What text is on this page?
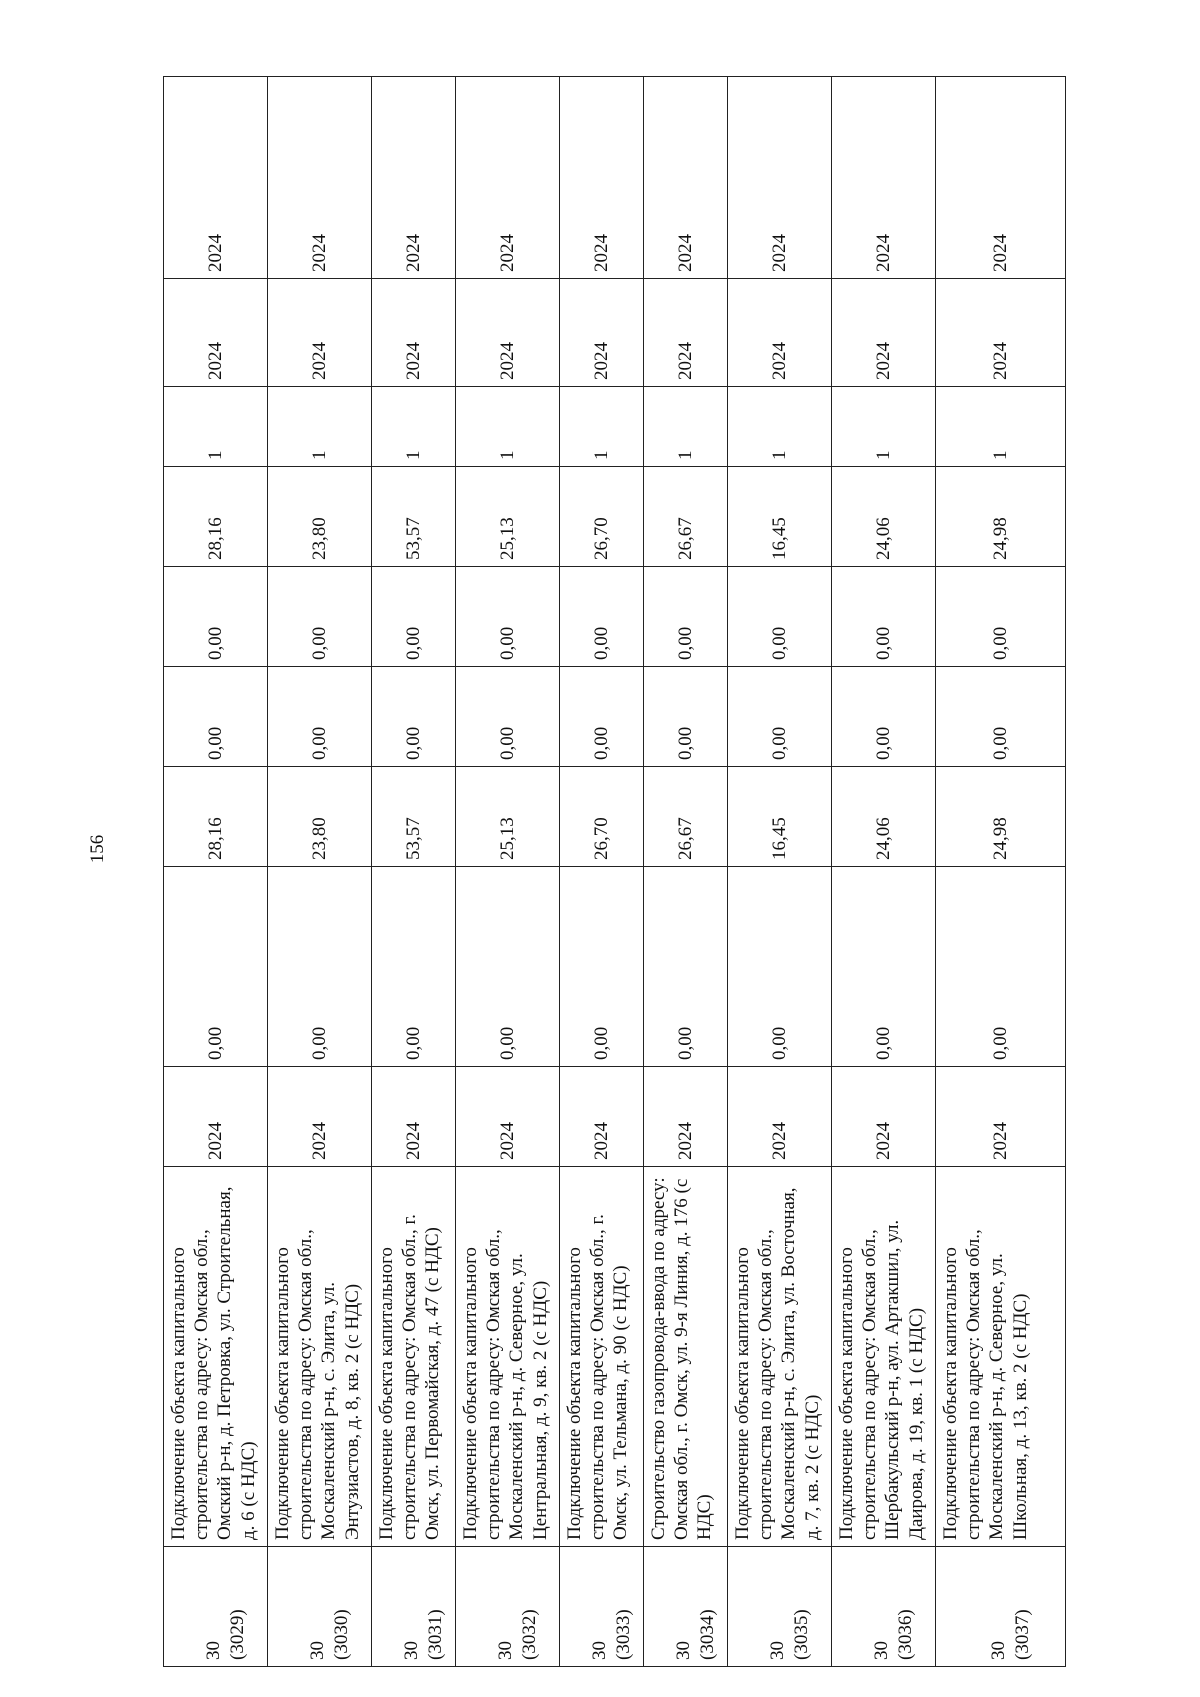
156
30 (3029)	Подключение объекта капитального строительства по адресу: Омская обл., Омский р-н, д. Петровка, ул. Строительная, д. 6 (с НДС)	2024	0,00	28,16	0,00	0,00	28,16	1	2024	2024

30 (3030)	Подключение объекта капитального строительства по адресу: Омская обл., Москаленский р-н, с. Элита, ул. Энтузиастов, д. 8, кв. 2 (с НДС)	2024	0,00	23,80	0,00	0,00	23,80	1	2024	2024

30 (3031)	Подключение объекта капитального строительства по адресу: Омская обл., г. Омск, ул. Первомайская, д. 47 (с НДС)	2024	0,00	53,57	0,00	0,00	53,57	1	2024	2024

30 (3032)	Подключение объекта капитального строительства по адресу: Омская обл., Москаленский р-н, д. Северное, ул. Центральная, д. 9, кв. 2 (с НДС)	2024	0,00	25,13	0,00	0,00	25,13	1	2024	2024

30 (3033)	Подключение объекта капитального строительства по адресу: Омская обл., г. Омск, ул. Тельмана, д. 90 (с НДС)	2024	0,00	26,70	0,00	0,00	26,70	1	2024	2024

30 (3034)	Строительство газопровода-ввода по адресу: Омская обл., г. Омск, ул. 9-я Линия, д. 176 (с НДС)	2024	0,00	26,67	0,00	0,00	26,67	1	2024	2024

30 (3035)	Подключение объекта капитального строительства по адресу: Омская обл., Москаленский р-н, с. Элита, ул. Восточная, д. 7, кв. 2 (с НДС)	2024	0,00	16,45	0,00	0,00	16,45	1	2024	2024

30 (3036)	Подключение объекта капитального строительства по адресу: Омская обл., Шербакульский р-н, аул. Артакшил, ул. Даирова, д. 19, кв. 1 (с НДС)	2024	0,00	24,06	0,00	0,00	24,06	1	2024	2024

30 (3037)	Подключение объекта капитального строительства по адресу: Омская обл., Москаленский р-н, д. Северное, ул. Школьная, д. 13, кв. 2 (с НДС)	2024	0,00	24,98	0,00	0,00	24,98	1	2024	2024
